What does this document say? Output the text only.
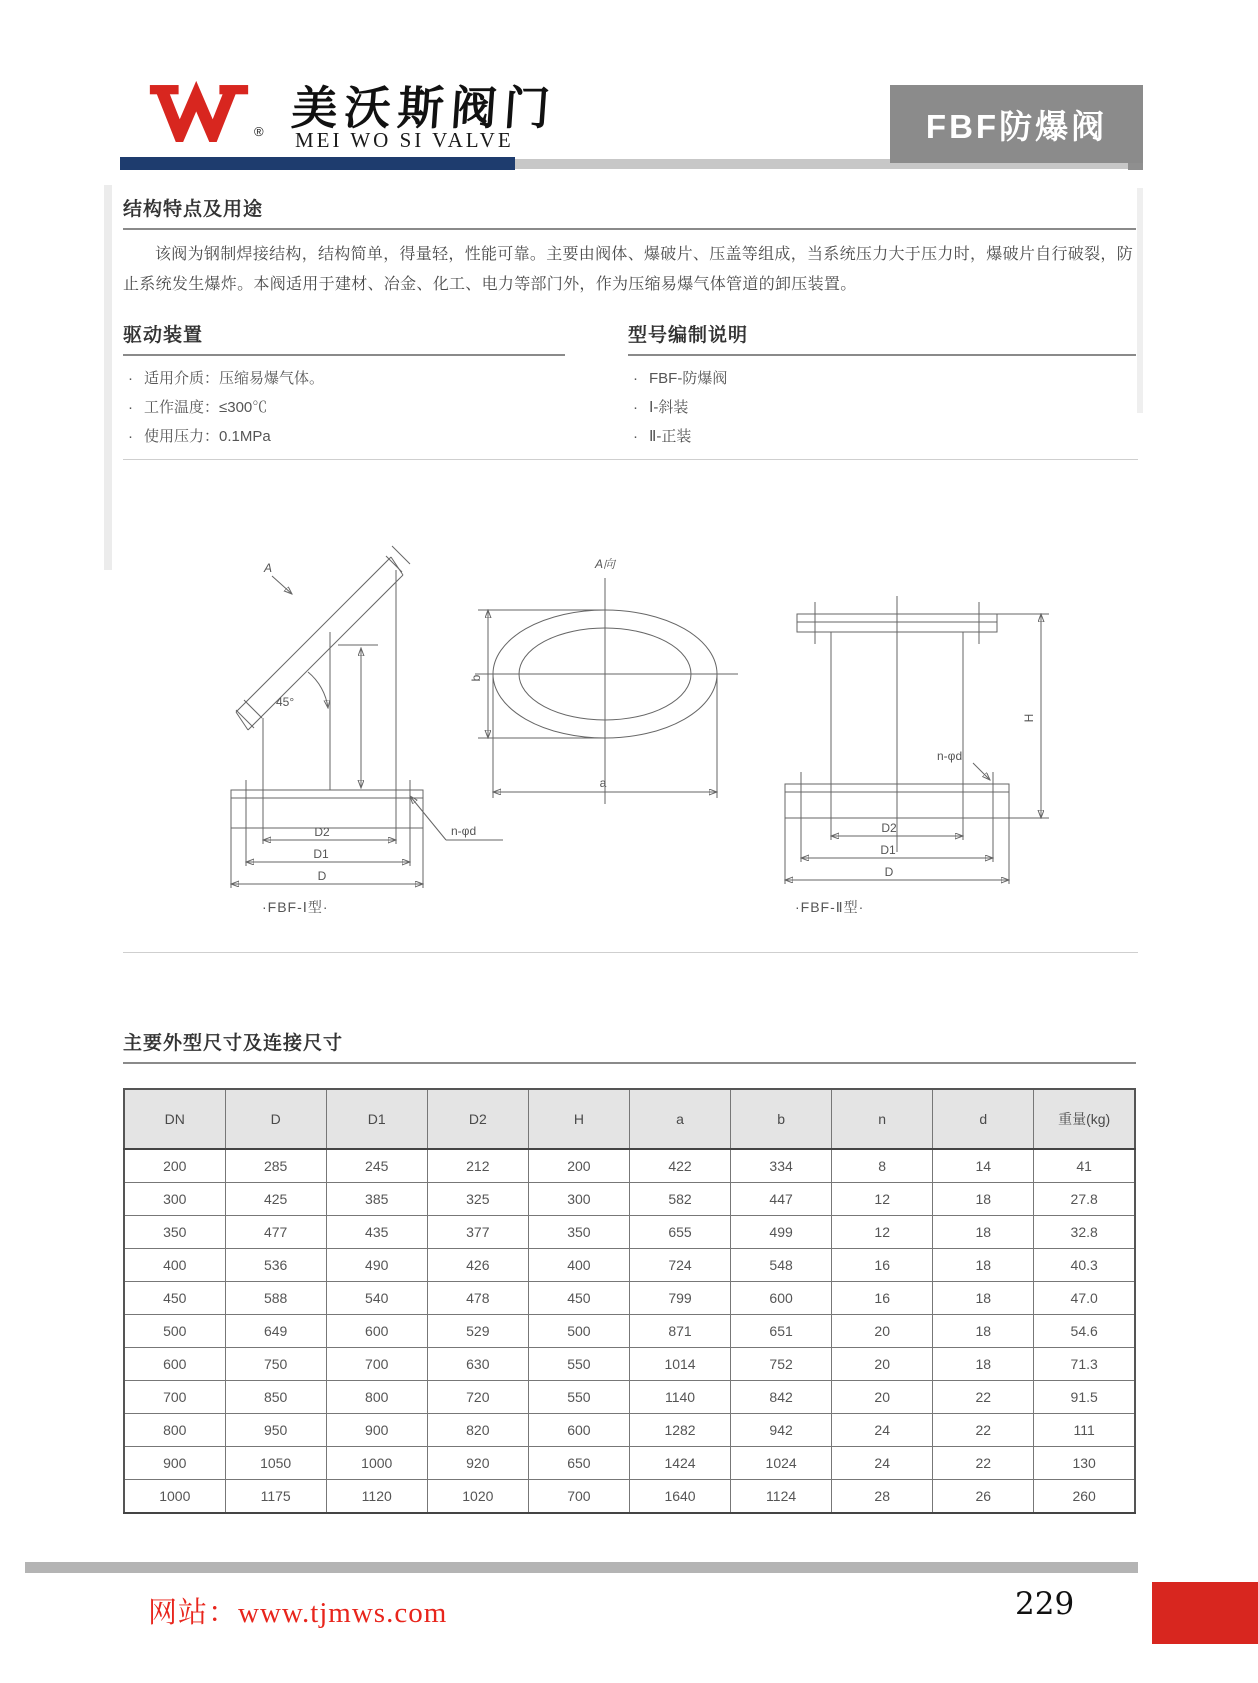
® 美沃斯阀门
MEI WO SI VALVE	FBF防爆阀
结构特点及用途
该阀为钢制焊接结构，结构简单，得量轻，性能可靠。主要由阀体、爆破片、压盖等组成，当系统压力大于压力时，爆破片自行破裂，防止系统发生爆炸。本阀适用于建材、冶金、化工、电力等部门外，作为压缩易爆气体管道的卸压装置。
驱动装置
· 适用介质：压缩易爆气体。
· 工作温度：≤300℃
· 使用压力：0.1MPa
型号编制说明
· FBF-防爆阀
· Ⅰ-斜装
· Ⅱ-正装
A
45°
D2
D1
D
n-φd
A向
b
a
H
D2
D1
D
n-φd
·FBF-Ⅰ型·	·FBF-Ⅱ型·
主要外型尺寸及连接尺寸
DN	D	D1	D2	H	a	b	n	d	重量(kg)
200	285	245	212	200	422	334	8	14	41
300	425	385	325	300	582	447	12	18	27.8
350	477	435	377	350	655	499	12	18	32.8
400	536	490	426	400	724	548	16	18	40.3
450	588	540	478	450	799	600	16	18	47.0
500	649	600	529	500	871	651	20	18	54.6
600	750	700	630	550	1014	752	20	18	71.3
700	850	800	720	550	1140	842	20	22	91.5
800	950	900	820	600	1282	942	24	22	111
900	1050	1000	920	650	1424	1024	24	22	130
1000	1175	1120	1020	700	1640	1124	28	26	260
网站：www.tjmws.com	229
